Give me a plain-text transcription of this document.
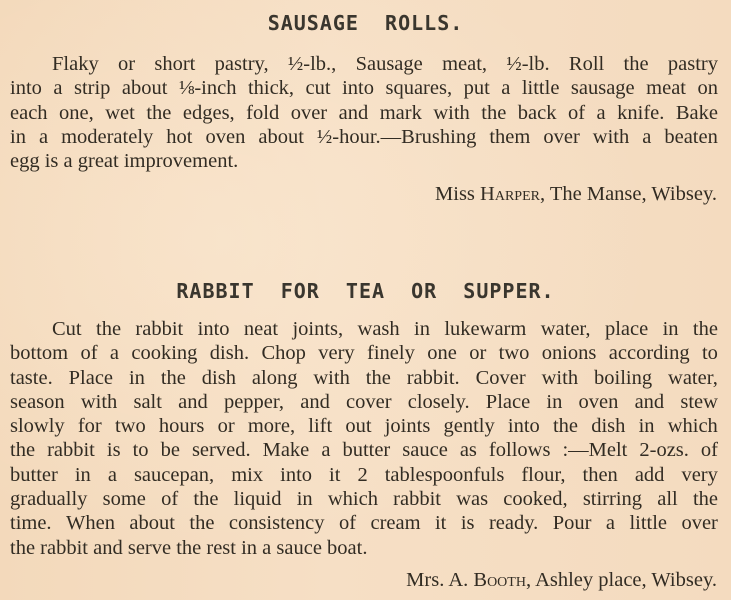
SAUSAGE  ROLLS.
Flaky or short pastry, ½-lb., Sausage meat, ½-lb. Roll the pastry
into a strip about ⅛-inch thick, cut into squares, put a little sausage meat on
each one, wet the edges, fold over and mark with the back of a knife. Bake
in a moderately hot oven about ½-hour.—Brushing them over with a beaten
egg is a great improvement.
Miss Harper, The Manse, Wibsey.
RABBIT  FOR  TEA  OR  SUPPER.
Cut the rabbit into neat joints, wash in lukewarm water, place in the
bottom of a cooking dish. Chop very finely one or two onions according to
taste. Place in the dish along with the rabbit. Cover with boiling water,
season with salt and pepper, and cover closely. Place in oven and stew
slowly for two hours or more, lift out joints gently into the dish in which
the rabbit is to be served. Make a butter sauce as follows :—Melt 2-ozs. of
butter in a saucepan, mix into it 2 tablespoonfuls flour, then add very
gradually some of the liquid in which rabbit was cooked, stirring all the
time. When about the consistency of cream it is ready. Pour a little over
the rabbit and serve the rest in a sauce boat.
Mrs. A. Booth, Ashley place, Wibsey.
